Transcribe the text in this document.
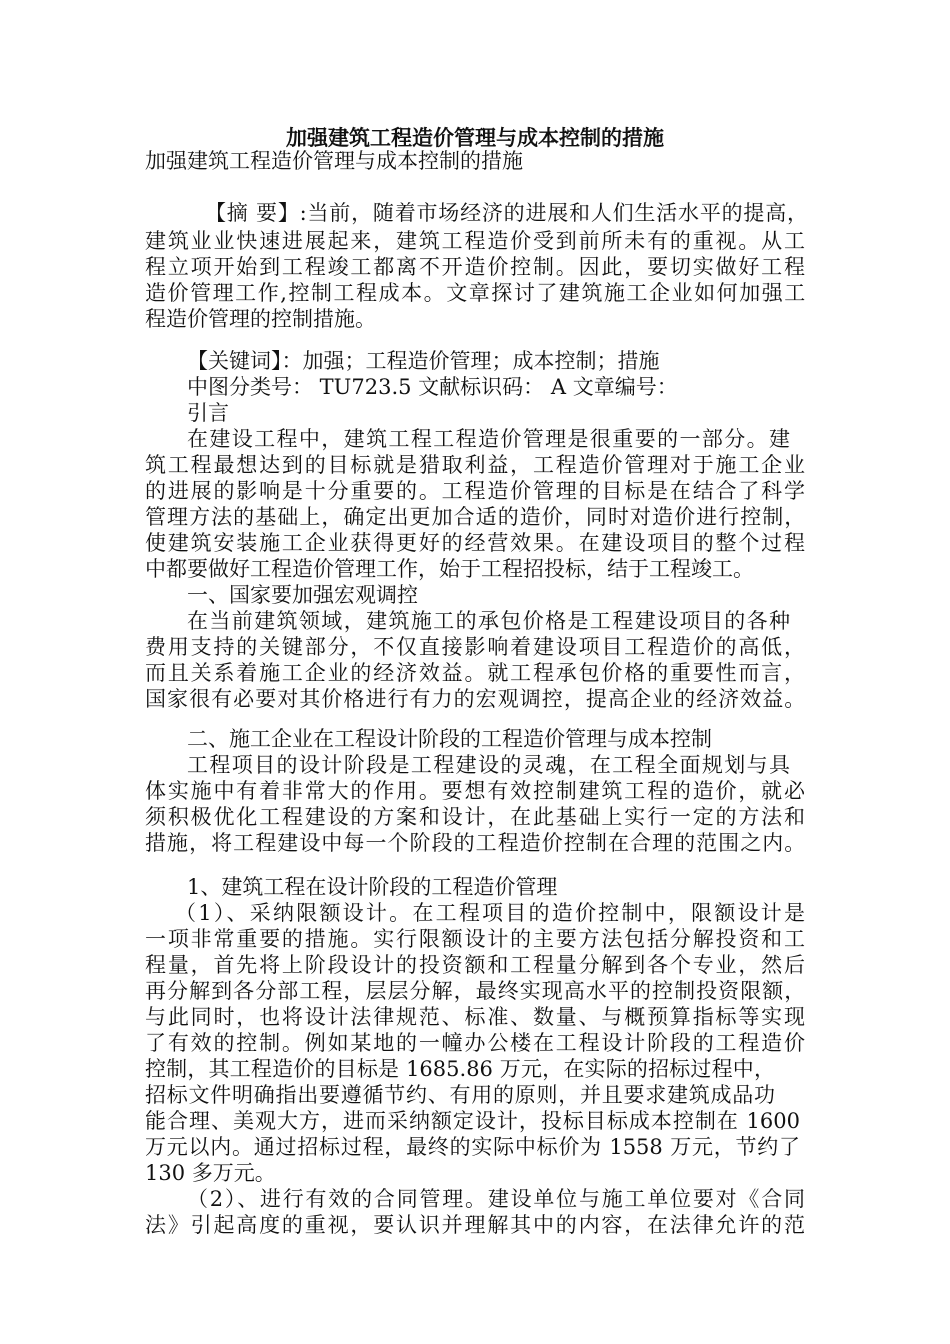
加强建筑工程造价管理与成本控制的措施
加强建筑工程造价管理与成本控制的措施
【摘 要】:当前，随着市场经济的进展和人们生活水平的提高，
建筑业业快速进展起来，建筑工程造价受到前所未有的重视。从工
程立项开始到工程竣工都离不开造价控制。因此，要切实做好工程
造价管理工作,控制工程成本。文章探讨了建筑施工企业如何加强工
程造价管理的控制措施。
【关键词】：加强；工程造价管理；成本控制；措施
中图分类号： TU723.5 文献标识码： A 文章编号：
引言
在建设工程中，建筑工程工程造价管理是很重要的一部分。建
筑工程最想达到的目标就是猎取利益，工程造价管理对于施工企业
的进展的影响是十分重要的。工程造价管理的目标是在结合了科学
管理方法的基础上，确定出更加合适的造价，同时对造价进行控制，
使建筑安装施工企业获得更好的经营效果。在建设项目的整个过程
中都要做好工程造价管理工作，始于工程招投标，结于工程竣工。
一、国家要加强宏观调控
在当前建筑领域，建筑施工的承包价格是工程建设项目的各种
费用支持的关键部分，不仅直接影响着建设项目工程造价的高低，
而且关系着施工企业的经济效益。就工程承包价格的重要性而言，
国家很有必要对其价格进行有力的宏观调控，提高企业的经济效益。
二、施工企业在工程设计阶段的工程造价管理与成本控制
工程项目的设计阶段是工程建设的灵魂，在工程全面规划与具
体实施中有着非常大的作用。要想有效控制建筑工程的造价，就必
须积极优化工程建设的方案和设计，在此基础上实行一定的方法和
措施，将工程建设中每一个阶段的工程造价控制在合理的范围之内。
1、建筑工程在设计阶段的工程造价管理
（1）、采纳限额设计。在工程项目的造价控制中，限额设计是
一项非常重要的措施。实行限额设计的主要方法包括分解投资和工
程量，首先将上阶段设计的投资额和工程量分解到各个专业，然后
再分解到各分部工程，层层分解，最终实现高水平的控制投资限额，
与此同时，也将设计法律规范、标准、数量、与概预算指标等实现
了有效的控制。例如某地的一幢办公楼在工程设计阶段的工程造价
控制，其工程造价的目标是 1685.86 万元，在实际的招标过程中，
招标文件明确指出要遵循节约、有用的原则，并且要求建筑成品功
能合理、美观大方，进而采纳额定设计，投标目标成本控制在 1600
万元以内。通过招标过程，最终的实际中标价为 1558 万元，节约了
130 多万元。
（2）、进行有效的合同管理。建设单位与施工单位要对《合同
法》引起高度的重视，要认识并理解其中的内容，在法律允许的范
